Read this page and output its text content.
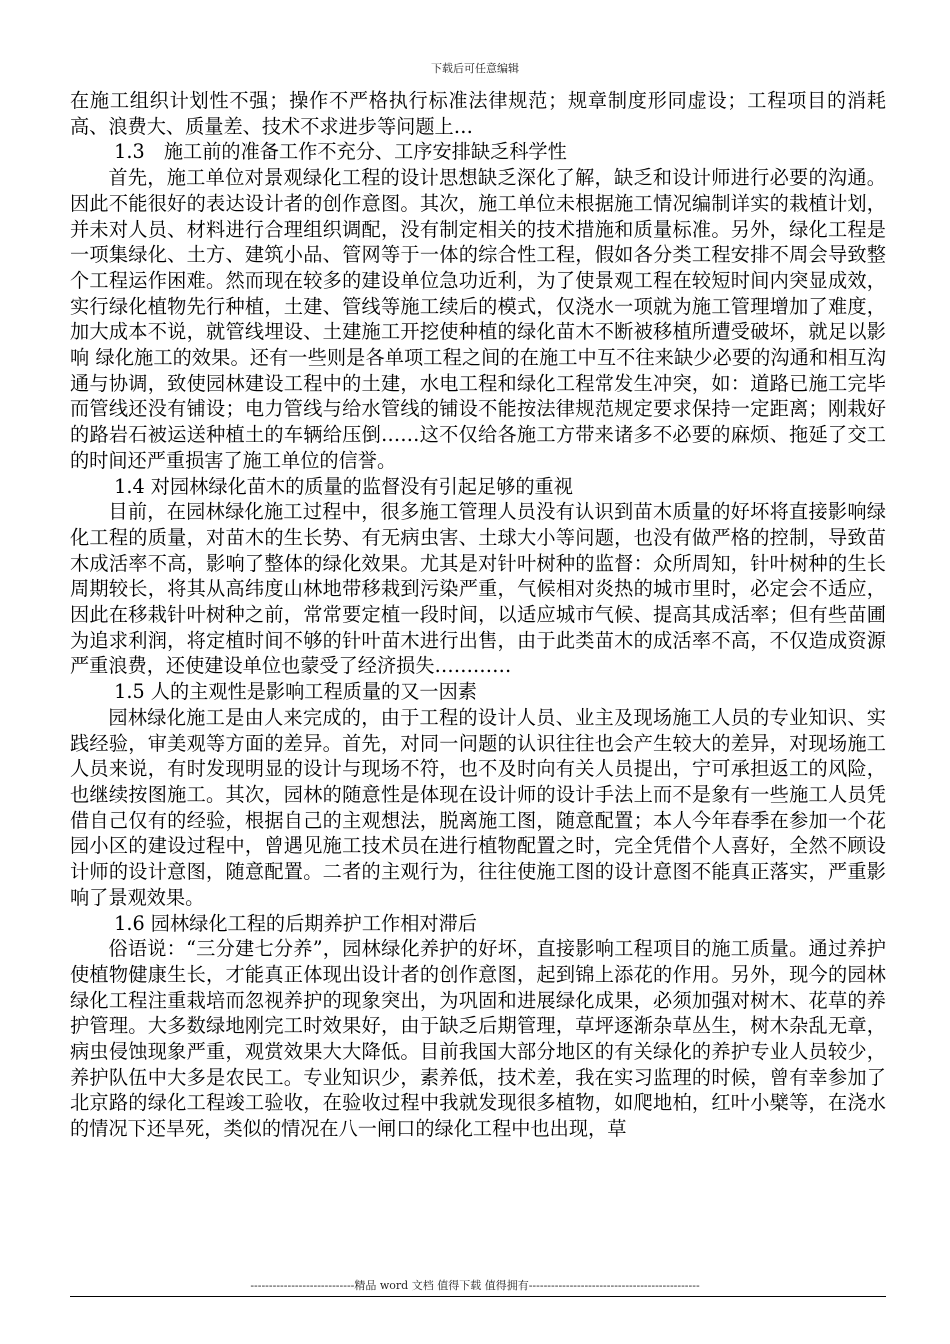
下载后可任意编辑

在施工组织计划性不强；操作不严格执行标准法律规范；规章制度形同虚设；工程项目的消耗高、浪费大、质量差、技术不求进步等问题上…

1.3　施工前的准备工作不充分、工序安排缺乏科学性

首先，施工单位对景观绿化工程的设计思想缺乏深化了解，缺乏和设计师进行必要的沟通。因此不能很好的表达设计者的创作意图。其次，施工单位未根据施工情况编制详实的栽植计划，并未对人员、材料进行合理组织调配，没有制定相关的技术措施和质量标准。另外，绿化工程是一项集绿化、土方、建筑小品、管网等于一体的综合性工程，假如各分类工程安排不周会导致整个工程运作困难。然而现在较多的建设单位急功近利，为了使景观工程在较短时间内突显成效，实行绿化植物先行种植，土建、管线等施工续后的模式，仅浇水一项就为施工管理增加了难度，加大成本不说，就管线埋设、土建施工开挖使种植的绿化苗木不断被移植所遭受破坏，就足以影响 绿化施工的效果。还有一些则是各单项工程之间的在施工中互不往来缺少必要的沟通和相互沟通与协调，致使园林建设工程中的土建，水电工程和绿化工程常发生冲突，如：道路已施工完毕而管线还没有铺设；电力管线与给水管线的铺设不能按法律规范规定要求保持一定距离；刚栽好的路岩石被运送种植土的车辆给压倒……这不仅给各施工方带来诸多不必要的麻烦、拖延了交工的时间还严重损害了施工单位的信誉。

1.4 对园林绿化苗木的质量的监督没有引起足够的重视

目前，在园林绿化施工过程中，很多施工管理人员没有认识到苗木质量的好坏将直接影响绿化工程的质量，对苗木的生长势、有无病虫害、土球大小等问题，也没有做严格的控制，导致苗木成活率不高，影响了整体的绿化效果。尤其是对针叶树种的监督：众所周知，针叶树种的生长周期较长，将其从高纬度山林地带移栽到污染严重，气候相对炎热的城市里时，必定会不适应，因此在移栽针叶树种之前，常常要定植一段时间，以适应城市气候、提高其成活率；但有些苗圃为追求利润，将定植时间不够的针叶苗木进行出售，由于此类苗木的成活率不高，不仅造成资源严重浪费，还使建设单位也蒙受了经济损失…………

1.5 人的主观性是影响工程质量的又一因素

园林绿化施工是由人来完成的，由于工程的设计人员、业主及现场施工人员的专业知识、实践经验，审美观等方面的差异。首先，对同一问题的认识往往也会产生较大的差异，对现场施工人员来说，有时发现明显的设计与现场不符，也不及时向有关人员提出，宁可承担返工的风险，也继续按图施工。其次，园林的随意性是体现在设计师的设计手法上而不是象有一些施工人员凭借自己仅有的经验，根据自己的主观想法，脱离施工图，随意配置；本人今年春季在参加一个花园小区的建设过程中，曾遇见施工技术员在进行植物配置之时，完全凭借个人喜好，全然不顾设计师的设计意图，随意配置。二者的主观行为，往往使施工图的设计意图不能真正落实，严重影响了景观效果。

1.6 园林绿化工程的后期养护工作相对滞后

俗语说：“三分建七分养”，园林绿化养护的好坏，直接影响工程项目的施工质量。通过养护使植物健康生长，才能真正体现出设计者的创作意图，起到锦上添花的作用。另外，现今的园林绿化工程注重栽培而忽视养护的现象突出，为巩固和进展绿化成果，必须加强对树木、花草的养护管理。大多数绿地刚完工时效果好，由于缺乏后期管理，草坪逐渐杂草丛生，树木杂乱无章，病虫侵蚀现象严重，观赏效果大大降低。目前我国大部分地区的有关绿化的养护专业人员较少，养护队伍中大多是农民工。专业知识少，素养低，技术差，我在实习监理的时候，曾有幸参加了北京路的绿化工程竣工验收，在验收过程中我就发现很多植物，如爬地柏，红叶小檗等，在浇水的情况下还旱死，类似的情况在八一闸口的绿化工程中也出现，草

----------------------------精品 word 文档 值得下载 值得拥有----------------------------------------------
